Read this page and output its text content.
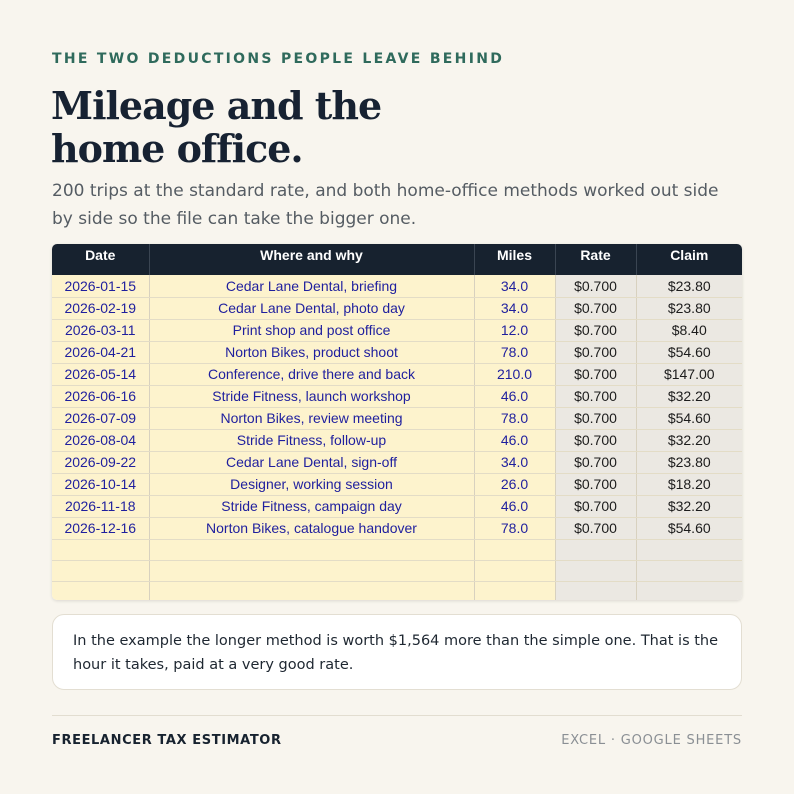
THE TWO DEDUCTIONS PEOPLE LEAVE BEHIND
Mileage and the
home office.

200 trips at the standard rate, and both home-office methods worked out side by side so the file can take the bigger one.

Date	Where and why	Miles	Rate	Claim
2026-01-15	Cedar Lane Dental, briefing	34.0	$0.700	$23.80
2026-02-19	Cedar Lane Dental, photo day	34.0	$0.700	$23.80
2026-03-11	Print shop and post office	12.0	$0.700	$8.40
2026-04-21	Norton Bikes, product shoot	78.0	$0.700	$54.60
2026-05-14	Conference, drive there and back	210.0	$0.700	$147.00
2026-06-16	Stride Fitness, launch workshop	46.0	$0.700	$32.20
2026-07-09	Norton Bikes, review meeting	78.0	$0.700	$54.60
2026-08-04	Stride Fitness, follow-up	46.0	$0.700	$32.20
2026-09-22	Cedar Lane Dental, sign-off	34.0	$0.700	$23.80
2026-10-14	Designer, working session	26.0	$0.700	$18.20
2026-11-18	Stride Fitness, campaign day	46.0	$0.700	$32.20
2026-12-16	Norton Bikes, catalogue handover	78.0	$0.700	$54.60

In the example the longer method is worth $1,564 more than the simple one. That is the hour it takes, paid at a very good rate.
FREELANCER TAX ESTIMATOR	EXCEL · GOOGLE SHEETS
